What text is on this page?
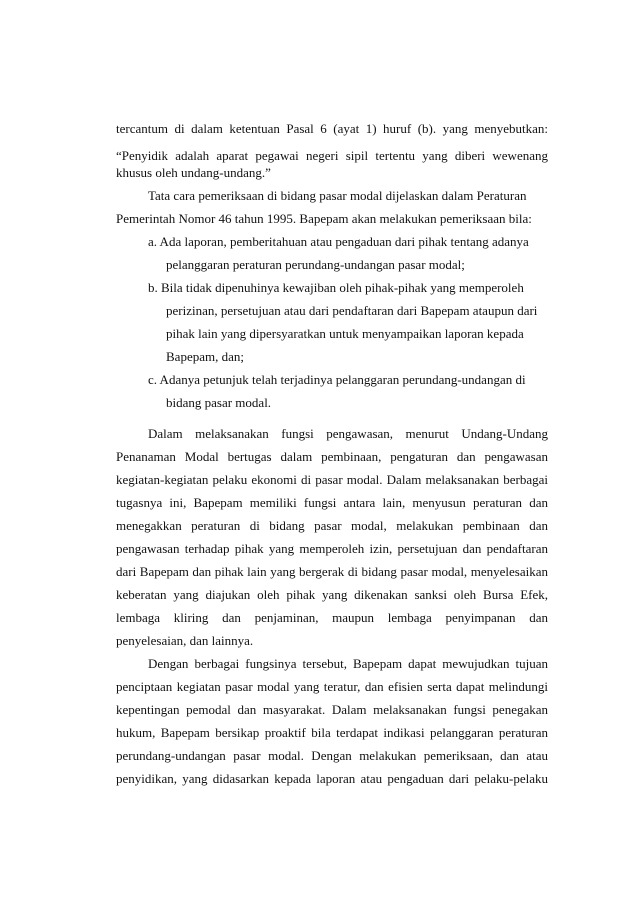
tercantum di dalam ketentuan Pasal 6 (ayat 1) huruf (b). yang menyebutkan:
“Penyidik adalah aparat pegawai negeri sipil tertentu yang diberi wewenang
khusus oleh undang-undang.”
Tata cara pemeriksaan di bidang pasar modal dijelaskan dalam Peraturan
Pemerintah Nomor 46 tahun 1995. Bapepam akan melakukan pemeriksaan bila:
a. Ada laporan, pemberitahuan atau pengaduan dari pihak tentang adanya
pelanggaran peraturan perundang-undangan pasar modal;
b. Bila tidak dipenuhinya kewajiban oleh pihak-pihak yang memperoleh
perizinan, persetujuan atau dari pendaftaran dari Bapepam ataupun dari
pihak lain yang dipersyaratkan untuk menyampaikan laporan kepada
Bapepam, dan;
c. Adanya petunjuk telah terjadinya pelanggaran perundang-undangan di
bidang pasar modal.
Dalam melaksanakan fungsi pengawasan, menurut Undang-Undang
Penanaman Modal bertugas dalam pembinaan, pengaturan dan pengawasan
kegiatan-kegiatan pelaku ekonomi di pasar modal. Dalam melaksanakan berbagai
tugasnya ini, Bapepam memiliki fungsi antara lain, menyusun peraturan dan
menegakkan peraturan di bidang pasar modal, melakukan pembinaan dan
pengawasan terhadap pihak yang memperoleh izin, persetujuan dan pendaftaran
dari Bapepam dan pihak lain yang bergerak di bidang pasar modal, menyelesaikan
keberatan yang diajukan oleh pihak yang dikenakan sanksi oleh Bursa Efek,
lembaga kliring dan penjaminan, maupun lembaga penyimpanan dan
penyelesaian, dan lainnya.
Dengan berbagai fungsinya tersebut, Bapepam dapat mewujudkan tujuan
penciptaan kegiatan pasar modal yang teratur, dan efisien serta dapat melindungi
kepentingan pemodal dan masyarakat. Dalam melaksanakan fungsi penegakan
hukum, Bapepam bersikap proaktif bila terdapat indikasi pelanggaran peraturan
perundang-undangan pasar modal. Dengan melakukan pemeriksaan, dan atau
penyidikan, yang didasarkan kepada laporan atau pengaduan dari pelaku-pelaku
